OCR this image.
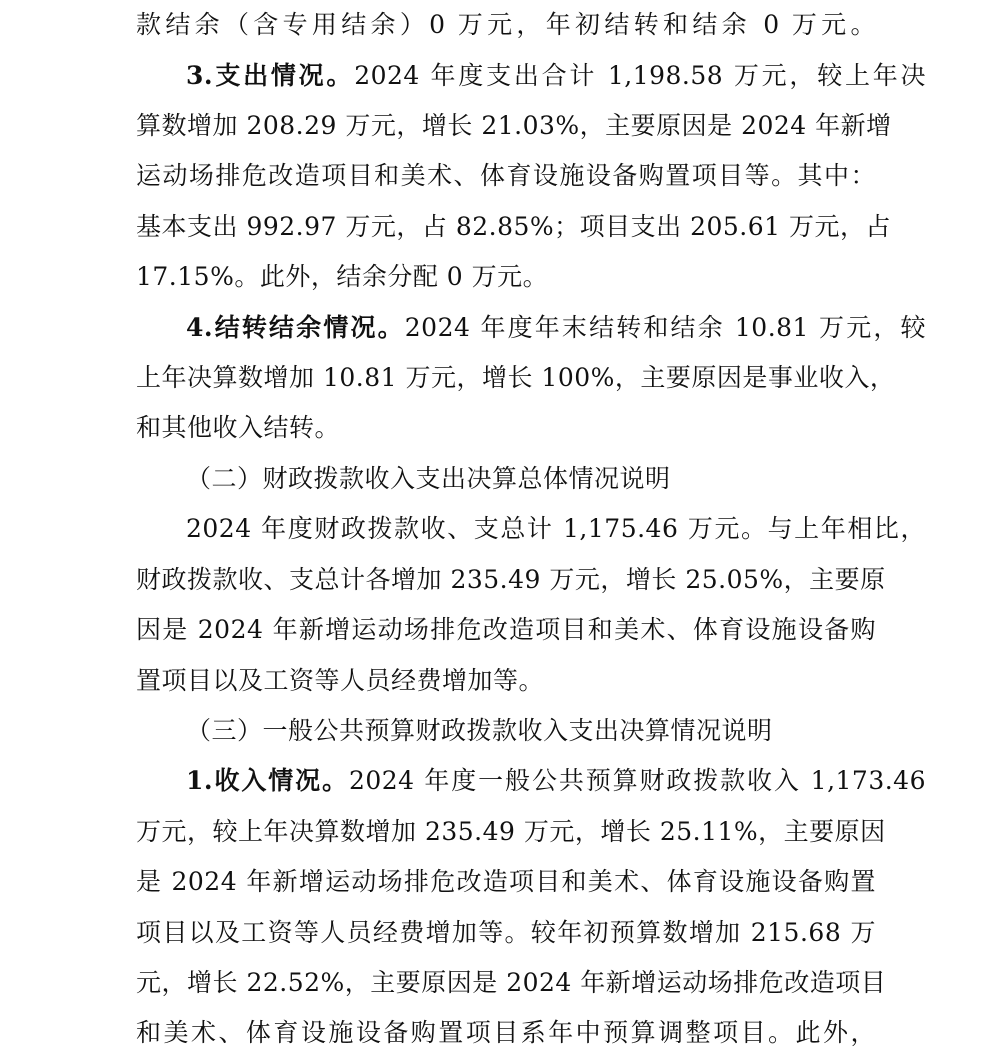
款结余（含专用结余）0 万元，年初结转和结余 0 万元。
3.支出情况。2024 年度支出合计 1,198.58 万元，较上年决
算数增加 208.29 万元，增长 21.03%，主要原因是 2024 年新增
运动场排危改造项目和美术、体育设施设备购置项目等。其中：
基本支出 992.97 万元，占 82.85%；项目支出 205.61 万元，占
17.15%。此外，结余分配 0 万元。
4.结转结余情况。2024 年度年末结转和结余 10.81 万元，较
上年决算数增加 10.81 万元，增长 100%，主要原因是事业收入，
和其他收入结转。
（二）财政拨款收入支出决算总体情况说明
2024 年度财政拨款收、支总计 1,175.46 万元。与上年相比，
财政拨款收、支总计各增加 235.49 万元，增长 25.05%，主要原
因是 2024 年新增运动场排危改造项目和美术、体育设施设备购
置项目以及工资等人员经费增加等。
（三）一般公共预算财政拨款收入支出决算情况说明
1.收入情况。2024 年度一般公共预算财政拨款收入 1,173.46
万元，较上年决算数增加 235.49 万元，增长 25.11%，主要原因
是 2024 年新增运动场排危改造项目和美术、体育设施设备购置
项目以及工资等人员经费增加等。较年初预算数增加 215.68 万
元，增长 22.52%，主要原因是 2024 年新增运动场排危改造项目
和美术、体育设施设备购置项目系年中预算调整项目。此外，
